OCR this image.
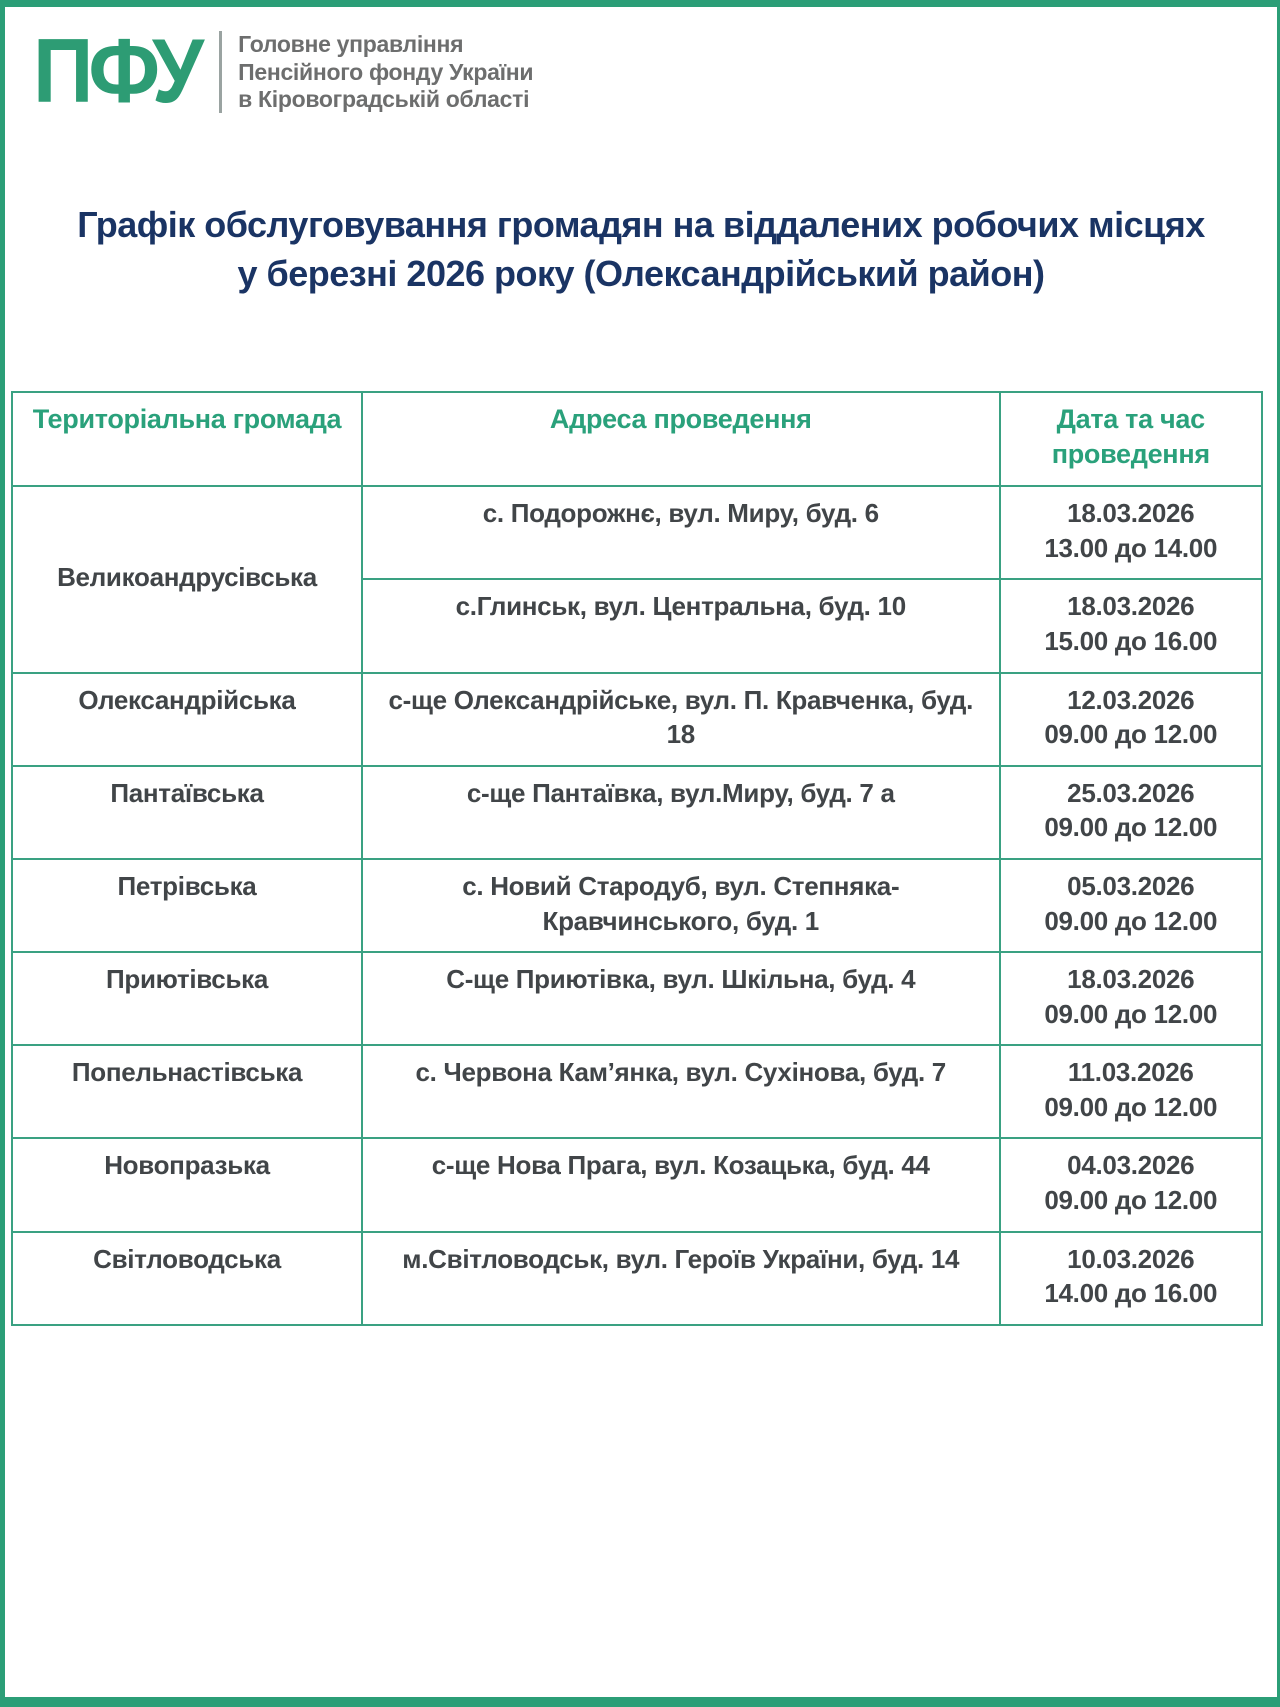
ПФУ Головне управління
Пенсійного фонду України
в Кіровоградській області
Графік обслуговування громадян на віддалених робочих місцях
у березні 2026 року (Олександрійський район)
Територіальна громада	Адреса проведення	Дата та час проведення
Великоандрусівська	с. Подорожнє, вул. Миру, буд. 6	18.03.2026
13.00 до 14.00

	с.Глинськ, вул. Центральна, буд. 10	18.03.2026
15.00 до 16.00

Олександрійська	с-ще Олександрійське, вул. П. Кравченка, буд. 18	12.03.2026
09.00 до 12.00

Пантаївська	с-ще Пантаївка, вул.Миру, буд. 7 а	25.03.2026
09.00 до 12.00

Петрівська	с. Новий Стародуб, вул. Степняка-Кравчинського, буд. 1	05.03.2026
09.00 до 12.00

Приютівська	С-ще Приютівка, вул. Шкільна, буд. 4	18.03.2026
09.00 до 12.00

Попельнастівська	с. Червона Кам’янка, вул. Сухінова, буд. 7	11.03.2026
09.00 до 12.00

Новопразька	с-ще Нова Прага, вул. Козацька, буд. 44	04.03.2026
09.00 до 12.00

Світловодська	м.Світловодськ, вул. Героїв України, буд. 14	10.03.2026
14.00 до 16.00
